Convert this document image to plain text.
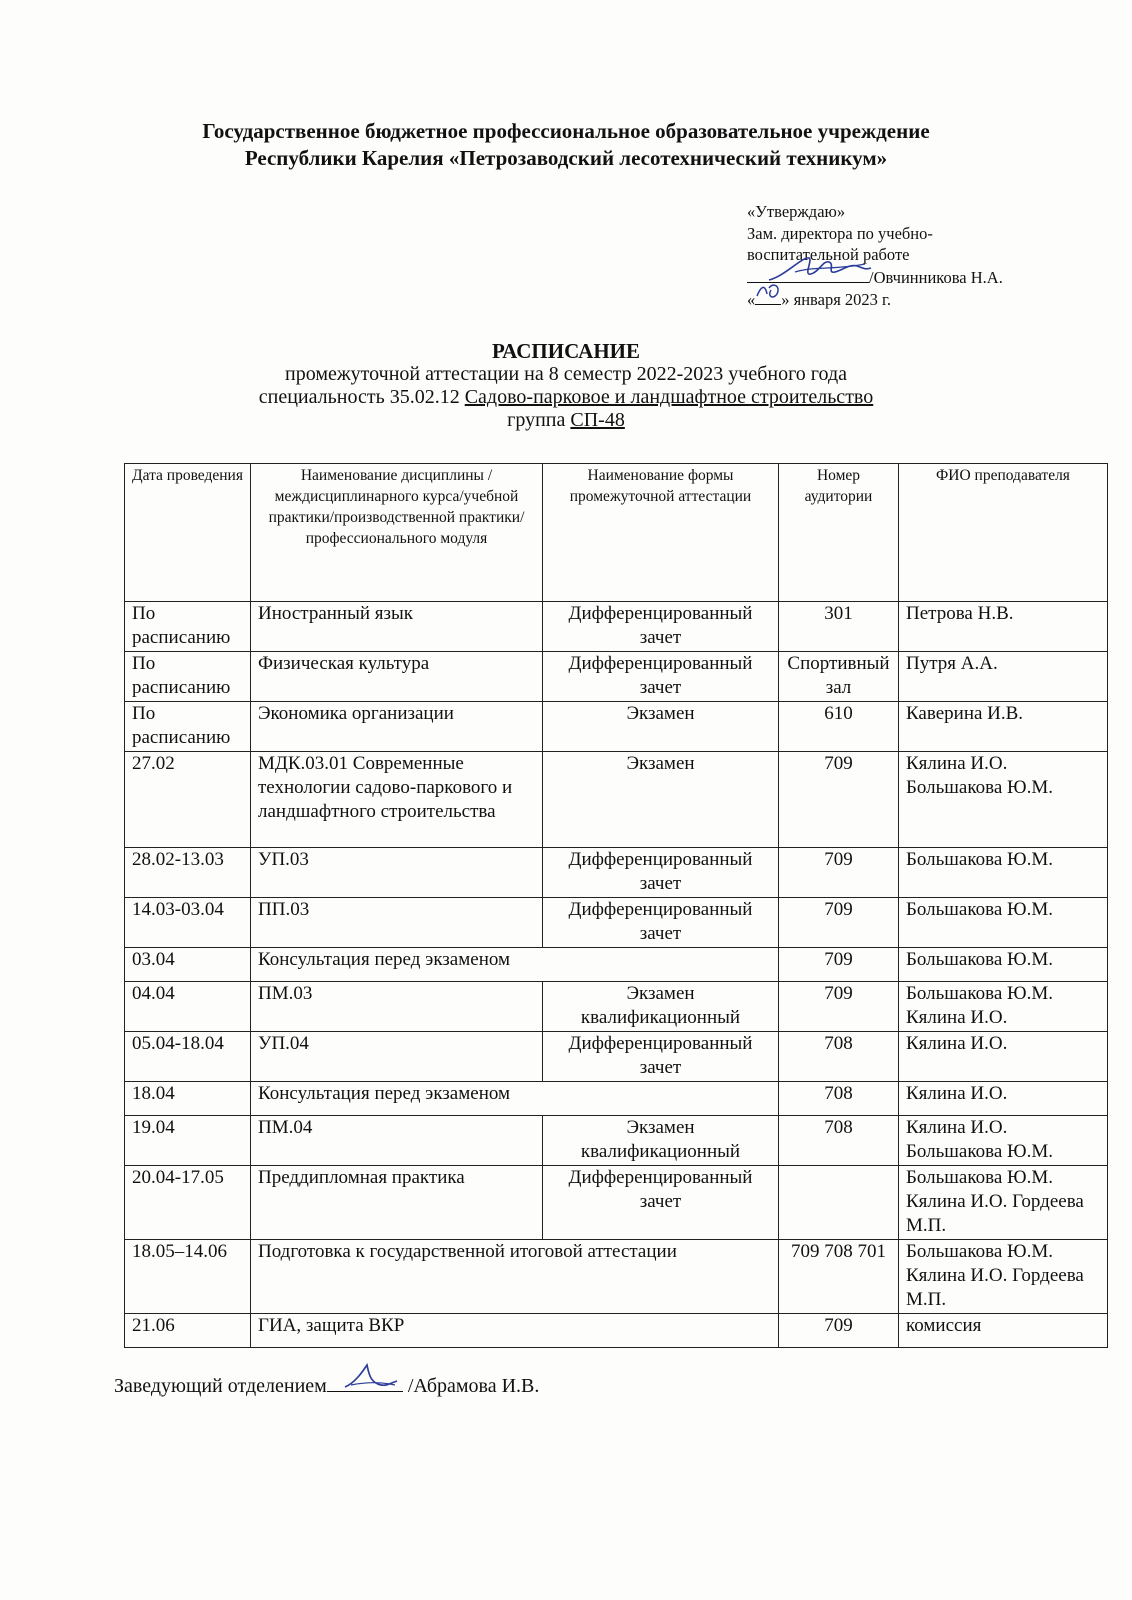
Государственное бюджетное профессиональное образовательное учреждение
Республики Карелия «Петрозаводский лесотехнический техникум»
«Утверждаю»
Зам. директора по учебно-
воспитательной работе
/Овчинникова Н.А.
« » января 2023 г.
РАСПИСАНИЕ
промежуточной аттестации на 8 семестр 2022-2023 учебного года
специальность 35.02.12 Садово-парковое и ландшафтное строительство
группа СП-48
Дата проведения	Наименование дисциплины /междисциплинарного курса/учебной практики/производственной практики/профессионального модуля	Наименование формы промежуточной аттестации	Номер аудитории	ФИО преподавателя
По расписанию	Иностранный язык	Дифференцированный зачет	301	Петрова Н.В.
По расписанию	Физическая культура	Дифференцированный зачет	Спортивный зал	Путря А.А.
По расписанию	Экономика организации	Экзамен	610	Каверина И.В.
27.02	МДК.03.01 Современные технологии садово-паркового и ландшафтного строительства	Экзамен	709	Кялина И.О. Большакова Ю.М.
28.02-13.03	УП.03	Дифференцированный зачет	709	Большакова Ю.М.
14.03-03.04	ПП.03	Дифференцированный зачет	709	Большакова Ю.М.
03.04	Консультация перед экзаменом		709	Большакова Ю.М.
04.04	ПМ.03	Экзамен квалификационный	709	Большакова Ю.М. Кялина И.О.
05.04-18.04	УП.04	Дифференцированный зачет	708	Кялина И.О.
18.04	Консультация перед экзаменом		708	Кялина И.О.
19.04	ПМ.04	Экзамен квалификационный	708	Кялина И.О. Большакова Ю.М.
20.04-17.05	Преддипломная практика	Дифференцированный зачет		Большакова Ю.М. Кялина И.О. Гордеева М.П.
18.05–14.06	Подготовка к государственной итоговой аттестации		709 708 701	Большакова Ю.М. Кялина И.О. Гордеева М.П.
21.06	ГИА, защита ВКР		709	комиссия
Заведующий отделением	/Абрамова И.В.
